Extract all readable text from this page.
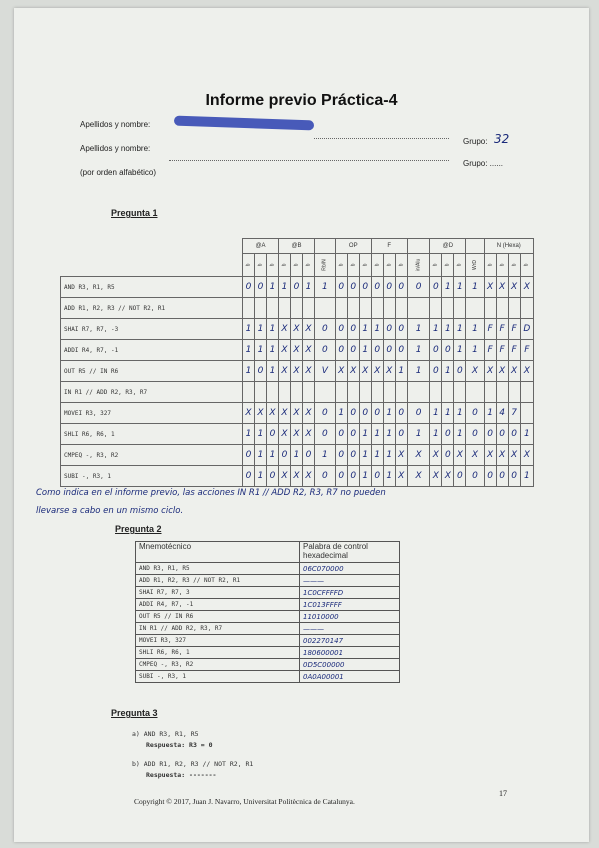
Informe previo Práctica-4
Apellidos y nombre:
Grupo: 32
Apellidos y nombre:
Grupo: ......
(por orden alfabético)
Pregunta 1
	@A			@B				OP			F				@D				N (Hexa)			
	b	b	b	b	b	b	Rb/N	b	b	b	b	b	b	in/Alu	b	b	b	WrD	b	b	b	b
AND R3, R1, R5	0	0	1	1	0	1	1	0	0	0	0	0	0	0	0	1	1	1	X	X	X	X
ADD R1, R2, R3 // NOT R2, R1																						
SHAI R7, R7, -3	1	1	1	X	X	X	0	0	0	1	1	0	0	1	1	1	1	1	F	F	F	D
ADDI R4, R7, -1	1	1	1	X	X	X	0	0	0	1	0	0	0	1	0	0	1	1	F	F	F	F
OUT R5 // IN R6	1	0	1	X	X	X	V	X	X	X	X	X	1	1	0	1	0	X	X	X	X	X
IN R1 // ADD R2, R3, R7																						
MOVEI R3, 327	X	X	X	X	X	X	0	1	0	0	0	1	0	0	1	1	1	0	1	4	7	
SHLI R6, R6, 1	1	1	0	X	X	X	0	0	0	1	1	1	0	1	1	0	1	0	0	0	0	1
CMPEQ -, R3, R2	0	1	1	0	1	0	1	0	0	1	1	1	X	X	X	0	X	X	X	X	X	X
SUBI -, R3, 1	0	1	0	X	X	X	0	0	0	1	0	1	X	X	X	X	0	0	0	0	0	1
Como indica en el informe previo, las acciones IN R1 // ADD R2, R3, R7 no pueden
llevarse a cabo en un mismo ciclo.
Pregunta 2
Mnemotécnico	Palabra de control hexadecimal
AND R3, R1, R5	06C070000
ADD R1, R2, R3 // NOT R2, R1	———
SHAI R7, R7, 3	1C0CFFFFD
ADDI R4, R7, -1	1C013FFFF
OUT R5 // IN R6	11010000
IN R1 // ADD R2, R3, R7	———
MOVEI R3, 327	002270147
SHLI R6, R6, 1	180600001
CMPEQ -, R3, R2	0D5C00000
SUBI -, R3, 1	0A0A00001
Pregunta 3
a) AND R3, R1, R5
Respuesta: R3 = 0
b) ADD R1, R2, R3 // NOT R2, R1
Respuesta: -------
Copyright © 2017, Juan J. Navarro, Universitat Politècnica de Catalunya.
17
